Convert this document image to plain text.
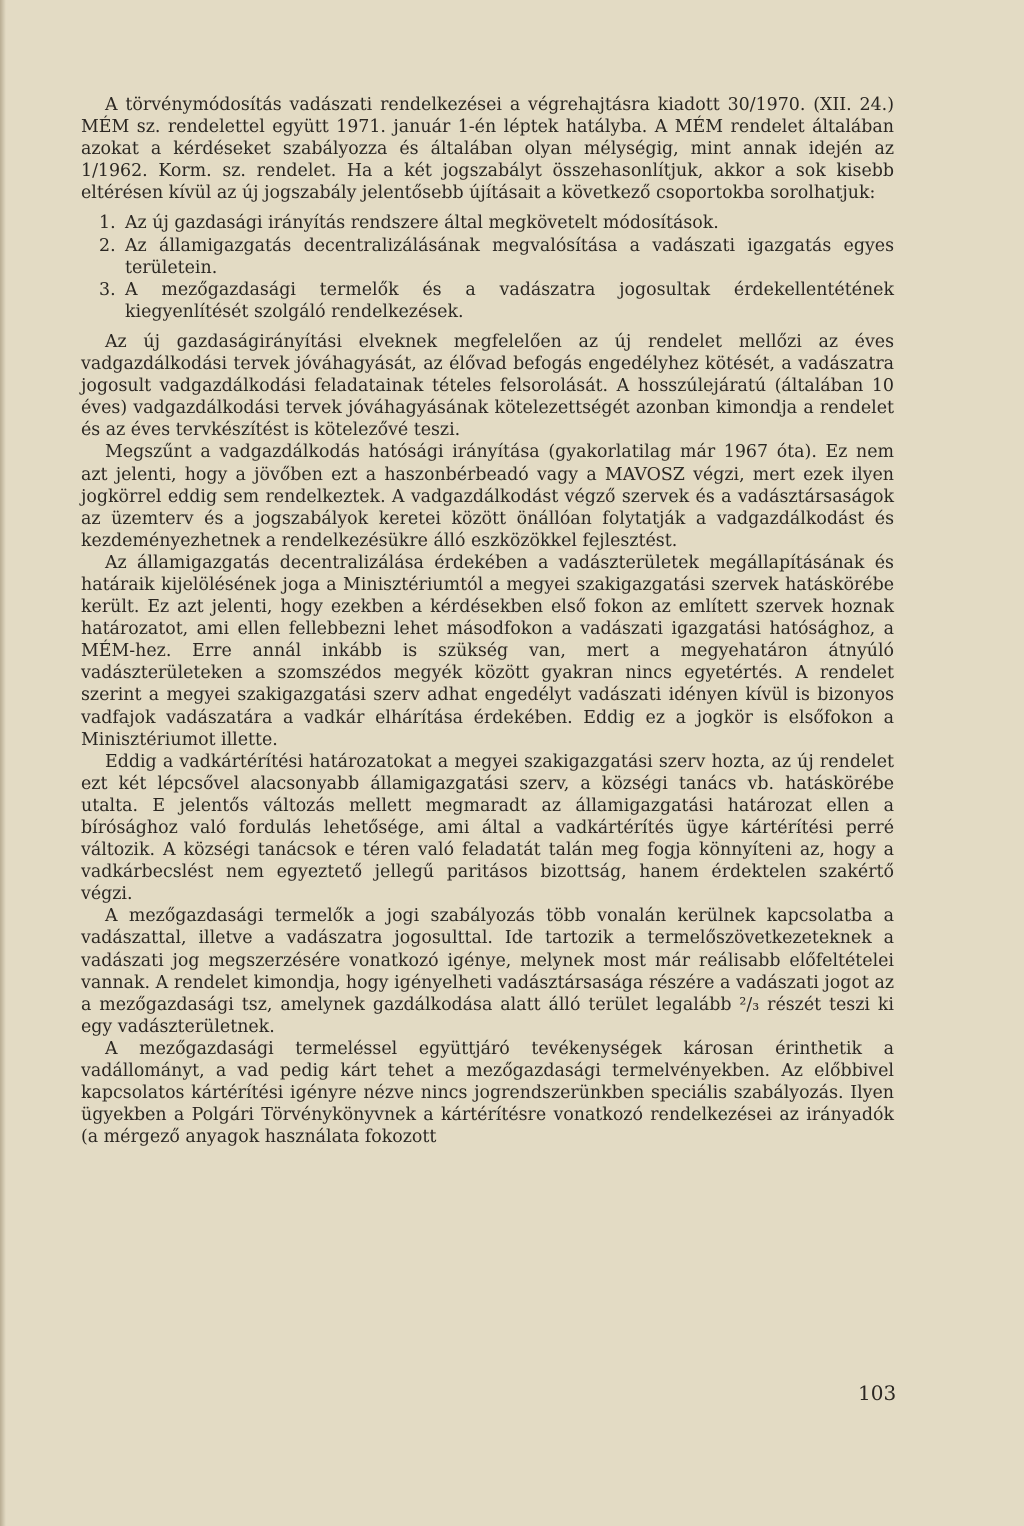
A törvénymódosítás vadászati rendelkezései a végrehajtásra kiadott 30/1970. (XII. 24.) MÉM sz. rendelettel együtt 1971. január 1-én léptek hatályba. A MÉM rendelet általában azokat a kérdéseket szabályozza és általában olyan mélységig, mint annak idején az 1/1962. Korm. sz. rendelet. Ha a két jogszabályt összehasonlítjuk, akkor a sok kisebb eltérésen kívül az új jogszabály jelentősebb újításait a következő csoportokba sorolhatjuk:

1. Az új gazdasági irányítás rendszere által megkövetelt módosítások.
2. Az államigazgatás decentralizálásának megvalósítása a vadászati igazgatás egyes területein.
3. A mezőgazdasági termelők és a vadászatra jogosultak érdekellentétének kiegyenlítését szolgáló rendelkezések.

Az új gazdaságirányítási elveknek megfelelően az új rendelet mellőzi az éves vadgazdálkodási tervek jóváhagyását, az élővad befogás engedélyhez kötését, a vadászatra jogosult vadgazdálkodási feladatainak tételes felsorolását. A hosszúlejáratú (általában 10 éves) vadgazdálkodási tervek jóváhagyásának kötelezettségét azonban kimondja a rendelet és az éves tervkészítést is kötelezővé teszi.

Megszűnt a vadgazdálkodás hatósági irányítása (gyakorlatilag már 1967 óta). Ez nem azt jelenti, hogy a jövőben ezt a haszonbérbeadó vagy a MAVOSZ végzi, mert ezek ilyen jogkörrel eddig sem rendelkeztek. A vadgazdálkodást végző szervek és a vadásztársaságok az üzemterv és a jogszabályok keretei között önállóan folytatják a vadgazdálkodást és kezdeményezhetnek a rendelkezésükre álló eszközökkel fejlesztést.

Az államigazgatás decentralizálása érdekében a vadászterületek megállapításának és határaik kijelölésének joga a Minisztériumtól a megyei szakigazgatási szervek hatáskörébe került. Ez azt jelenti, hogy ezekben a kérdésekben első fokon az említett szervek hoznak határozatot, ami ellen fellebbezni lehet másodfokon a vadászati igazgatási hatósághoz, a MÉM-hez. Erre annál inkább is szükség van, mert a megyehatáron átnyúló vadászterületeken a szomszédos megyék között gyakran nincs egyetértés. A rendelet szerint a megyei szakigazgatási szerv adhat engedélyt vadászati idényen kívül is bizonyos vadfajok vadászatára a vadkár elhárítása érdekében. Eddig ez a jogkör is elsőfokon a Minisztériumot illette.

Eddig a vadkártérítési határozatokat a megyei szakigazgatási szerv hozta, az új rendelet ezt két lépcsővel alacsonyabb államigazgatási szerv, a községi tanács vb. hatáskörébe utalta. E jelentős változás mellett megmaradt az államigazgatási határozat ellen a bírósághoz való fordulás lehetősége, ami által a vadkártérítés ügye kártérítési perré változik. A községi tanácsok e téren való feladatát talán meg fogja könnyíteni az, hogy a vadkárbecslést nem egyeztető jellegű paritásos bizottság, hanem érdektelen szakértő végzi.

A mezőgazdasági termelők a jogi szabályozás több vonalán kerülnek kapcsolatba a vadászattal, illetve a vadászatra jogosulttal. Ide tartozik a termelőszövetkezeteknek a vadászati jog megszerzésére vonatkozó igénye, melynek most már reálisabb előfeltételei vannak. A rendelet kimondja, hogy igényelheti vadásztársasága részére a vadászati jogot az a mezőgazdasági tsz, amelynek gazdálkodása alatt álló terület legalább ²/₃ részét teszi ki egy vadászterületnek.

A mezőgazdasági termeléssel együttjáró tevékenységek károsan érinthetik a vadállományt, a vad pedig kárt tehet a mezőgazdasági termelvényekben. Az előbbivel kapcsolatos kártérítési igényre nézve nincs jogrendszerünkben speciális szabályozás. Ilyen ügyekben a Polgári Törvénykönyvnek a kártérítésre vonatkozó rendelkezései az irányadók (a mérgező anyagok használata fokozott

103
